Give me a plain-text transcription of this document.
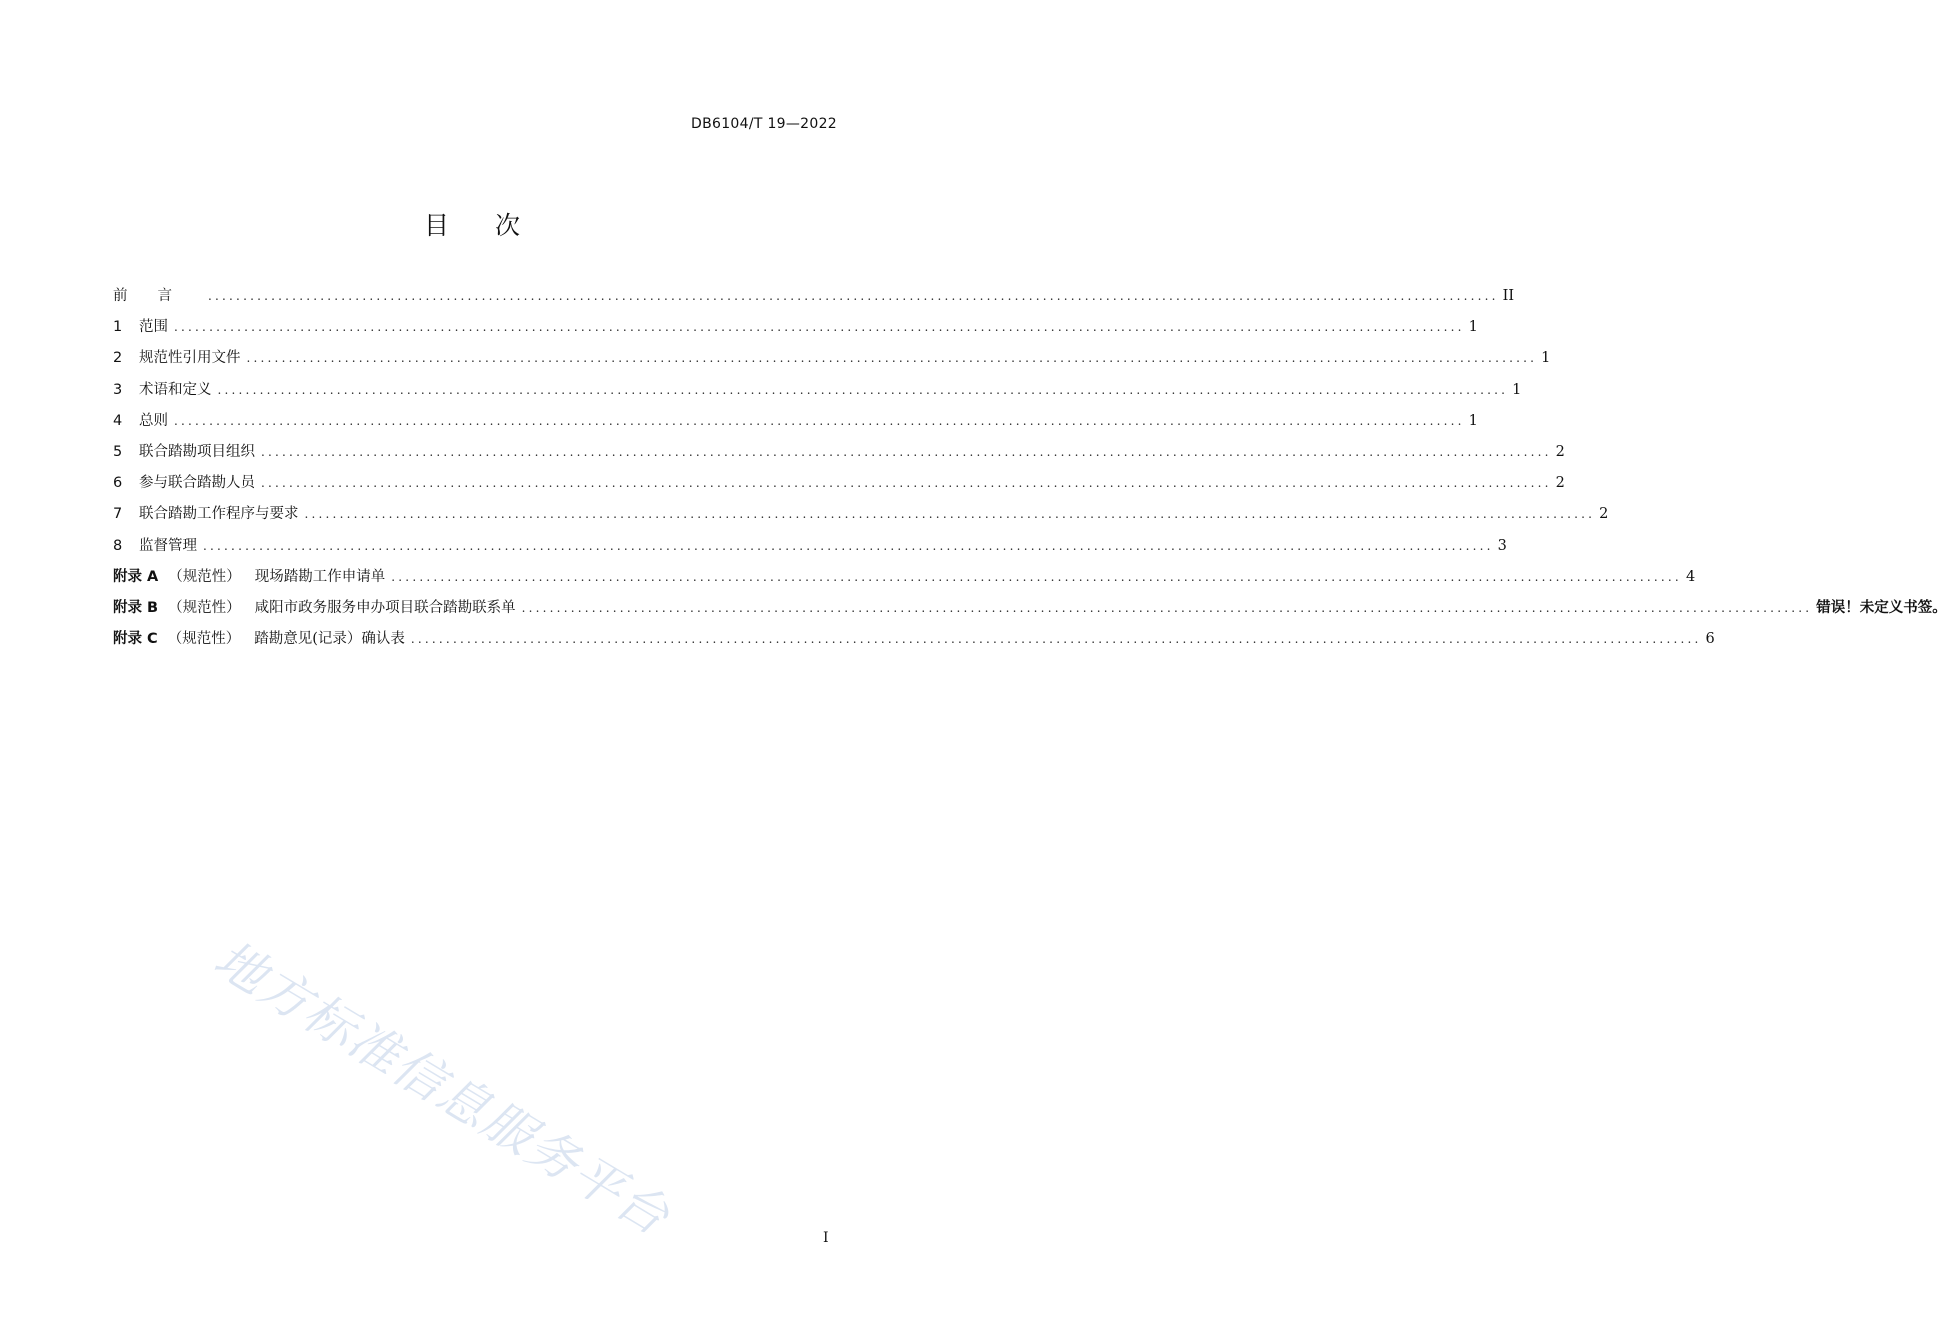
DB6104/T 19—2022
目次
前言 ........................................................................................................................................................................................ II
1	范围 ........................................................................................................................................................................................ 1
2	规范性引用文件 ........................................................................................................................................................................................ 1
3	术语和定义 ........................................................................................................................................................................................ 1
4	总则 ........................................................................................................................................................................................ 1
5	联合踏勘项目组织 ........................................................................................................................................................................................ 2
6	参与联合踏勘人员 ........................................................................................................................................................................................ 2
7	联合踏勘工作程序与要求 ........................................................................................................................................................................................ 2
8	监督管理 ........................................................................................................................................................................................ 3
附录 A （规范性） 现场踏勘工作申请单 ........................................................................................................................................................................................ 4
附录 B （规范性） 咸阳市政务服务申办项目联合踏勘联系单 ........................................................................................................................................................................................ 错误！未定义书签。
附录 C （规范性） 踏勘意见(记录）确认表 ........................................................................................................................................................................................ 6
地方标准信息服务平台	I
